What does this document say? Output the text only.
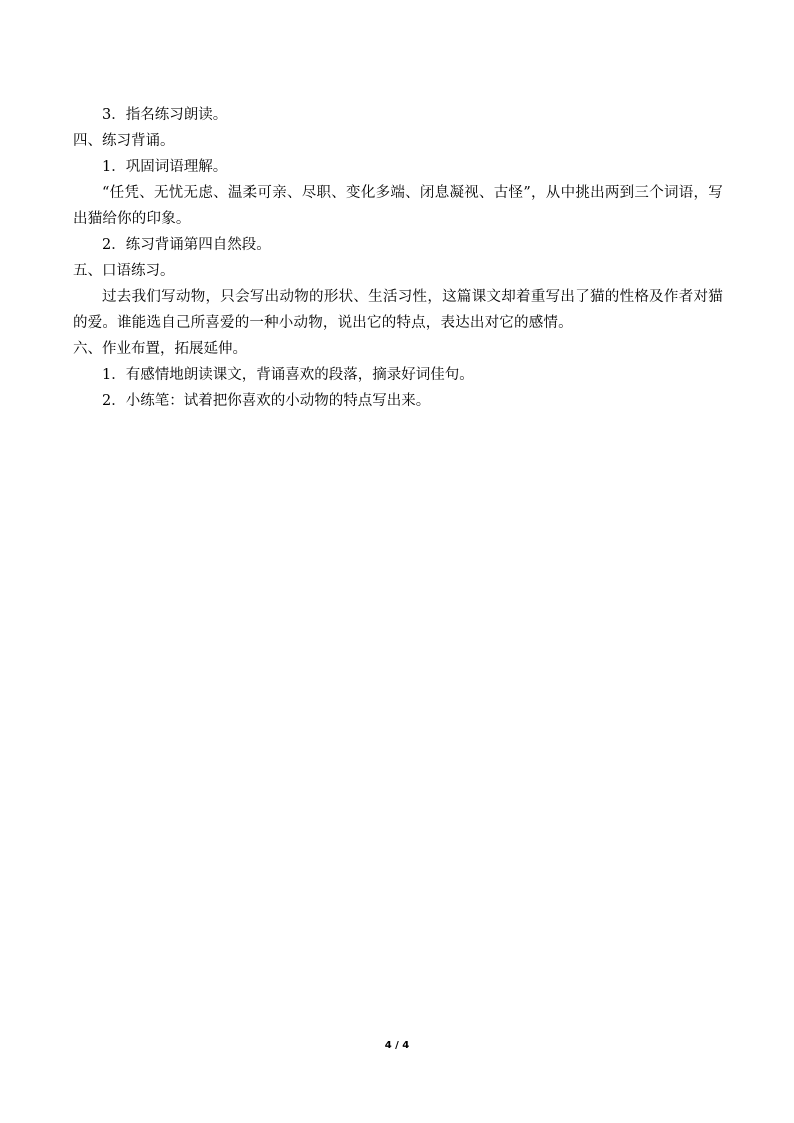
3．指名练习朗读。

四、练习背诵。

1．巩固词语理解。

“任凭、无忧无虑、温柔可亲、尽职、变化多端、闭息凝视、古怪”，从中挑出两到三个词语，写出猫给你的印象。

2．练习背诵第四自然段。

五、口语练习。

过去我们写动物，只会写出动物的形状、生活习性，这篇课文却着重写出了猫的性格及作者对猫的爱。谁能选自己所喜爱的一种小动物，说出它的特点，表达出对它的感情。

六、作业布置，拓展延伸。

1．有感情地朗读课文，背诵喜欢的段落，摘录好词佳句。

2．小练笔：试着把你喜欢的小动物的特点写出来。

4 / 4
